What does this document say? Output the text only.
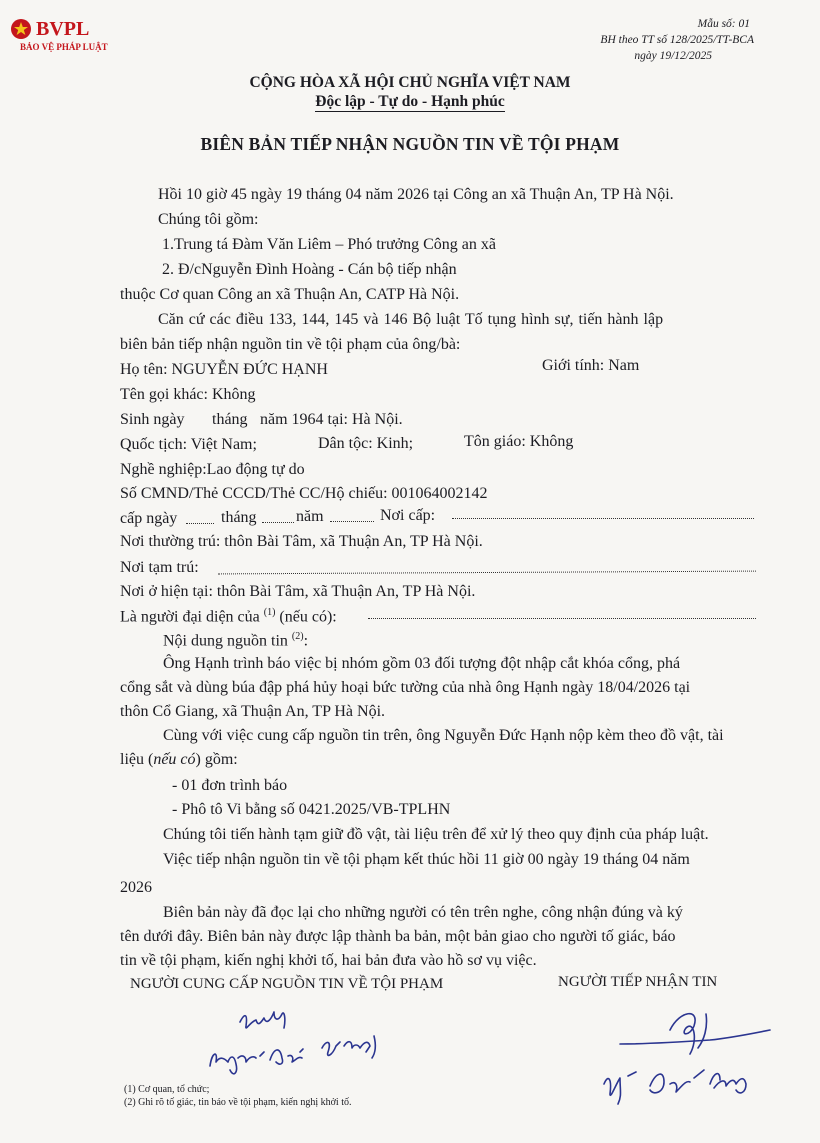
BVPL
BẢO VỆ PHÁP LUẬT
Mẫu số: 01
BH theo TT số 128/2025/TT-BCA
ngày 19/12/2025
CỘNG HÒA XÃ HỘI CHỦ NGHĨA VIỆT NAM
Độc lập - Tự do - Hạnh phúc
BIÊN BẢN TIẾP NHẬN NGUỒN TIN VỀ TỘI PHẠM
Hồi 10 giờ 45 ngày 19 tháng 04 năm 2026 tại Công an xã Thuận An, TP Hà Nội.
Chúng tôi gồm:
1.Trung tá Đàm Văn Liêm – Phó trưởng Công an xã
2. Đ/cNguyễn Đình Hoàng - Cán bộ tiếp nhận
thuộc Cơ quan Công an xã Thuận An, CATP Hà Nội.
Căn cứ các điều 133, 144, 145 và 146 Bộ luật Tố tụng hình sự, tiến hành lập
biên bản tiếp nhận nguồn tin về tội phạm của ông/bà:
Họ tên: NGUYỄN ĐỨC HẠNH	Giới tính: Nam
Tên gọi khác: Không
Sinh ngày tháng năm 1964 tại: Hà Nội.
Quốc tịch: Việt Nam;	Dân tộc: Kinh;	Tôn giáo: Không
Nghề nghiệp:Lao động tự do
Số CMND/Thẻ CCCD/Thẻ CC/Hộ chiếu: 001064002142
cấp ngày	tháng năm	Nơi cấp:
Nơi thường trú: thôn Bài Tâm, xã Thuận An, TP Hà Nội.
Nơi tạm trú:
Nơi ở hiện tại: thôn Bài Tâm, xã Thuận An, TP Hà Nội.
Là người đại diện của $^{(1)}$ (nếu có):
Nội dung nguồn tin $^{(2)}$:
Ông Hạnh trình báo việc bị nhóm gồm 03 đối tượng đột nhập cắt khóa cổng, phá
cổng sắt và dùng búa đập phá hủy hoại bức tường của nhà ông Hạnh ngày 18/04/2026 tại
thôn Cổ Giang, xã Thuận An, TP Hà Nội.
Cùng với việc cung cấp nguồn tin trên, ông Nguyễn Đức Hạnh nộp kèm theo đồ vật, tài
liệu (nếu có) gồm:
- 01 đơn trình báo
- Phô tô Vi bằng số 0421.2025/VB-TPLHN
Chúng tôi tiến hành tạm giữ đồ vật, tài liệu trên để xử lý theo quy định của pháp luật.
Việc tiếp nhận nguồn tin về tội phạm kết thúc hồi 11 giờ 00 ngày 19 tháng 04 năm
2026
Biên bản này đã đọc lại cho những người có tên trên nghe, công nhận đúng và ký
tên dưới đây. Biên bản này được lập thành ba bản, một bản giao cho người tố giác, báo
tin về tội phạm, kiến nghị khởi tố, hai bản đưa vào hồ sơ vụ việc.
NGƯỜI CUNG CẤP NGUỒN TIN VỀ TỘI PHẠM	NGƯỜI TIẾP NHẬN TIN
(1) Cơ quan, tổ chức;
(2) Ghi rõ tố giác, tin báo về tội phạm, kiến nghị khởi tố.
